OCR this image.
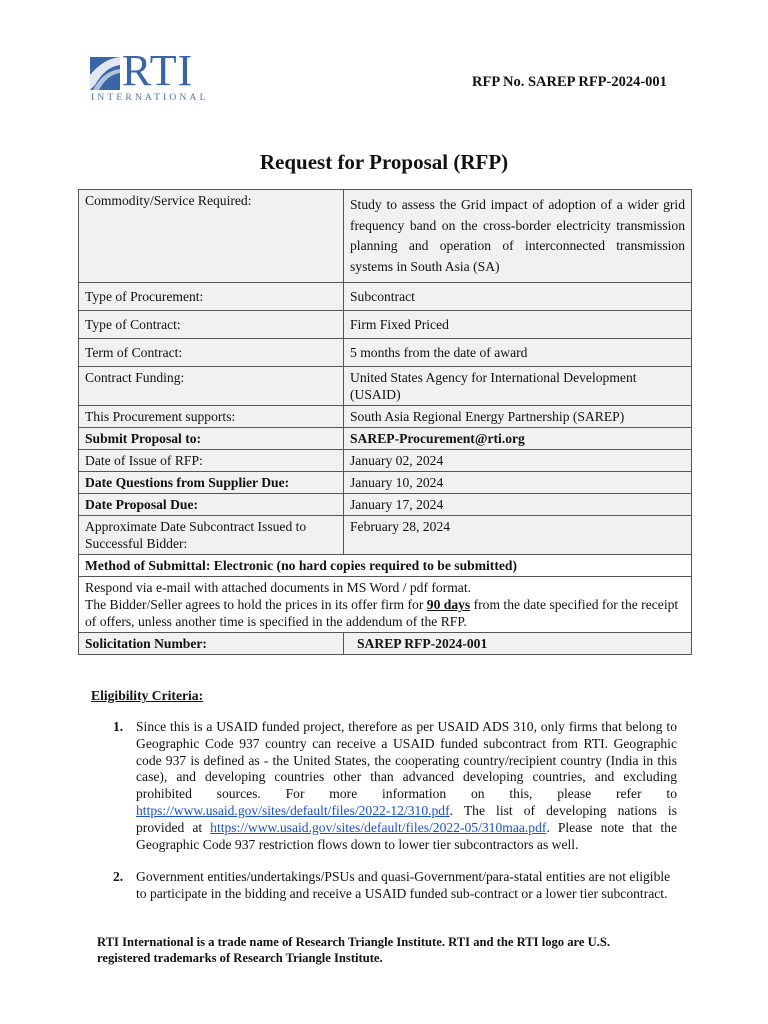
RTI
INTERNATIONAL
RFP No. SAREP RFP-2024-001
Request for Proposal (RFP)
Commodity/Service Required:	Study to assess the Grid impact of adoption of a wider grid frequency band on the cross-border electricity transmission planning and operation of interconnected transmission systems in South Asia (SA)
Type of Procurement:	Subcontract
Type of Contract:	Firm Fixed Priced
Term of Contract:	5 months from the date of award
Contract Funding:	United States Agency for International Development (USAID)
This Procurement supports:	South Asia Regional Energy Partnership (SAREP)
Submit Proposal to:	SAREP-Procurement@rti.org
Date of Issue of RFP:	January 02, 2024
Date Questions from Supplier Due:	January 10, 2024
Date Proposal Due:	January 17, 2024
Approximate Date Subcontract Issued to Successful Bidder:	February 28, 2024
Method of Submittal: Electronic (no hard copies required to be submitted)	

Respond via e-mail with attached documents in MS Word / pdf format.
The Bidder/Seller agrees to hold the prices in its offer firm for 90 days from the date specified for the receipt of offers, unless another time is specified in the addendum of the RFP.	

Solicitation Number:	SAREP RFP-2024-001
Eligibility Criteria:
1. Since this is a USAID funded project, therefore as per USAID ADS 310, only firms that belong to Geographic Code 937 country can receive a USAID funded subcontract from RTI. Geographic code 937 is defined as - the United States, the cooperating country/recipient country (India in this case), and developing countries other than advanced developing countries, and excluding prohibited sources. For more information on this, please refer to https://www.usaid.gov/sites/default/files/2022-12/310.pdf. The list of developing nations is provided at https://www.usaid.gov/sites/default/files/2022-05/310maa.pdf. Please note that the Geographic Code 937 restriction flows down to lower tier subcontractors as well.
2. Government entities/undertakings/PSUs and quasi-Government/para-statal entities are not eligible to participate in the bidding and receive a USAID funded sub-contract or a lower tier subcontract.
RTI International is a trade name of Research Triangle Institute. RTI and the RTI logo are U.S. registered trademarks of Research Triangle Institute.
